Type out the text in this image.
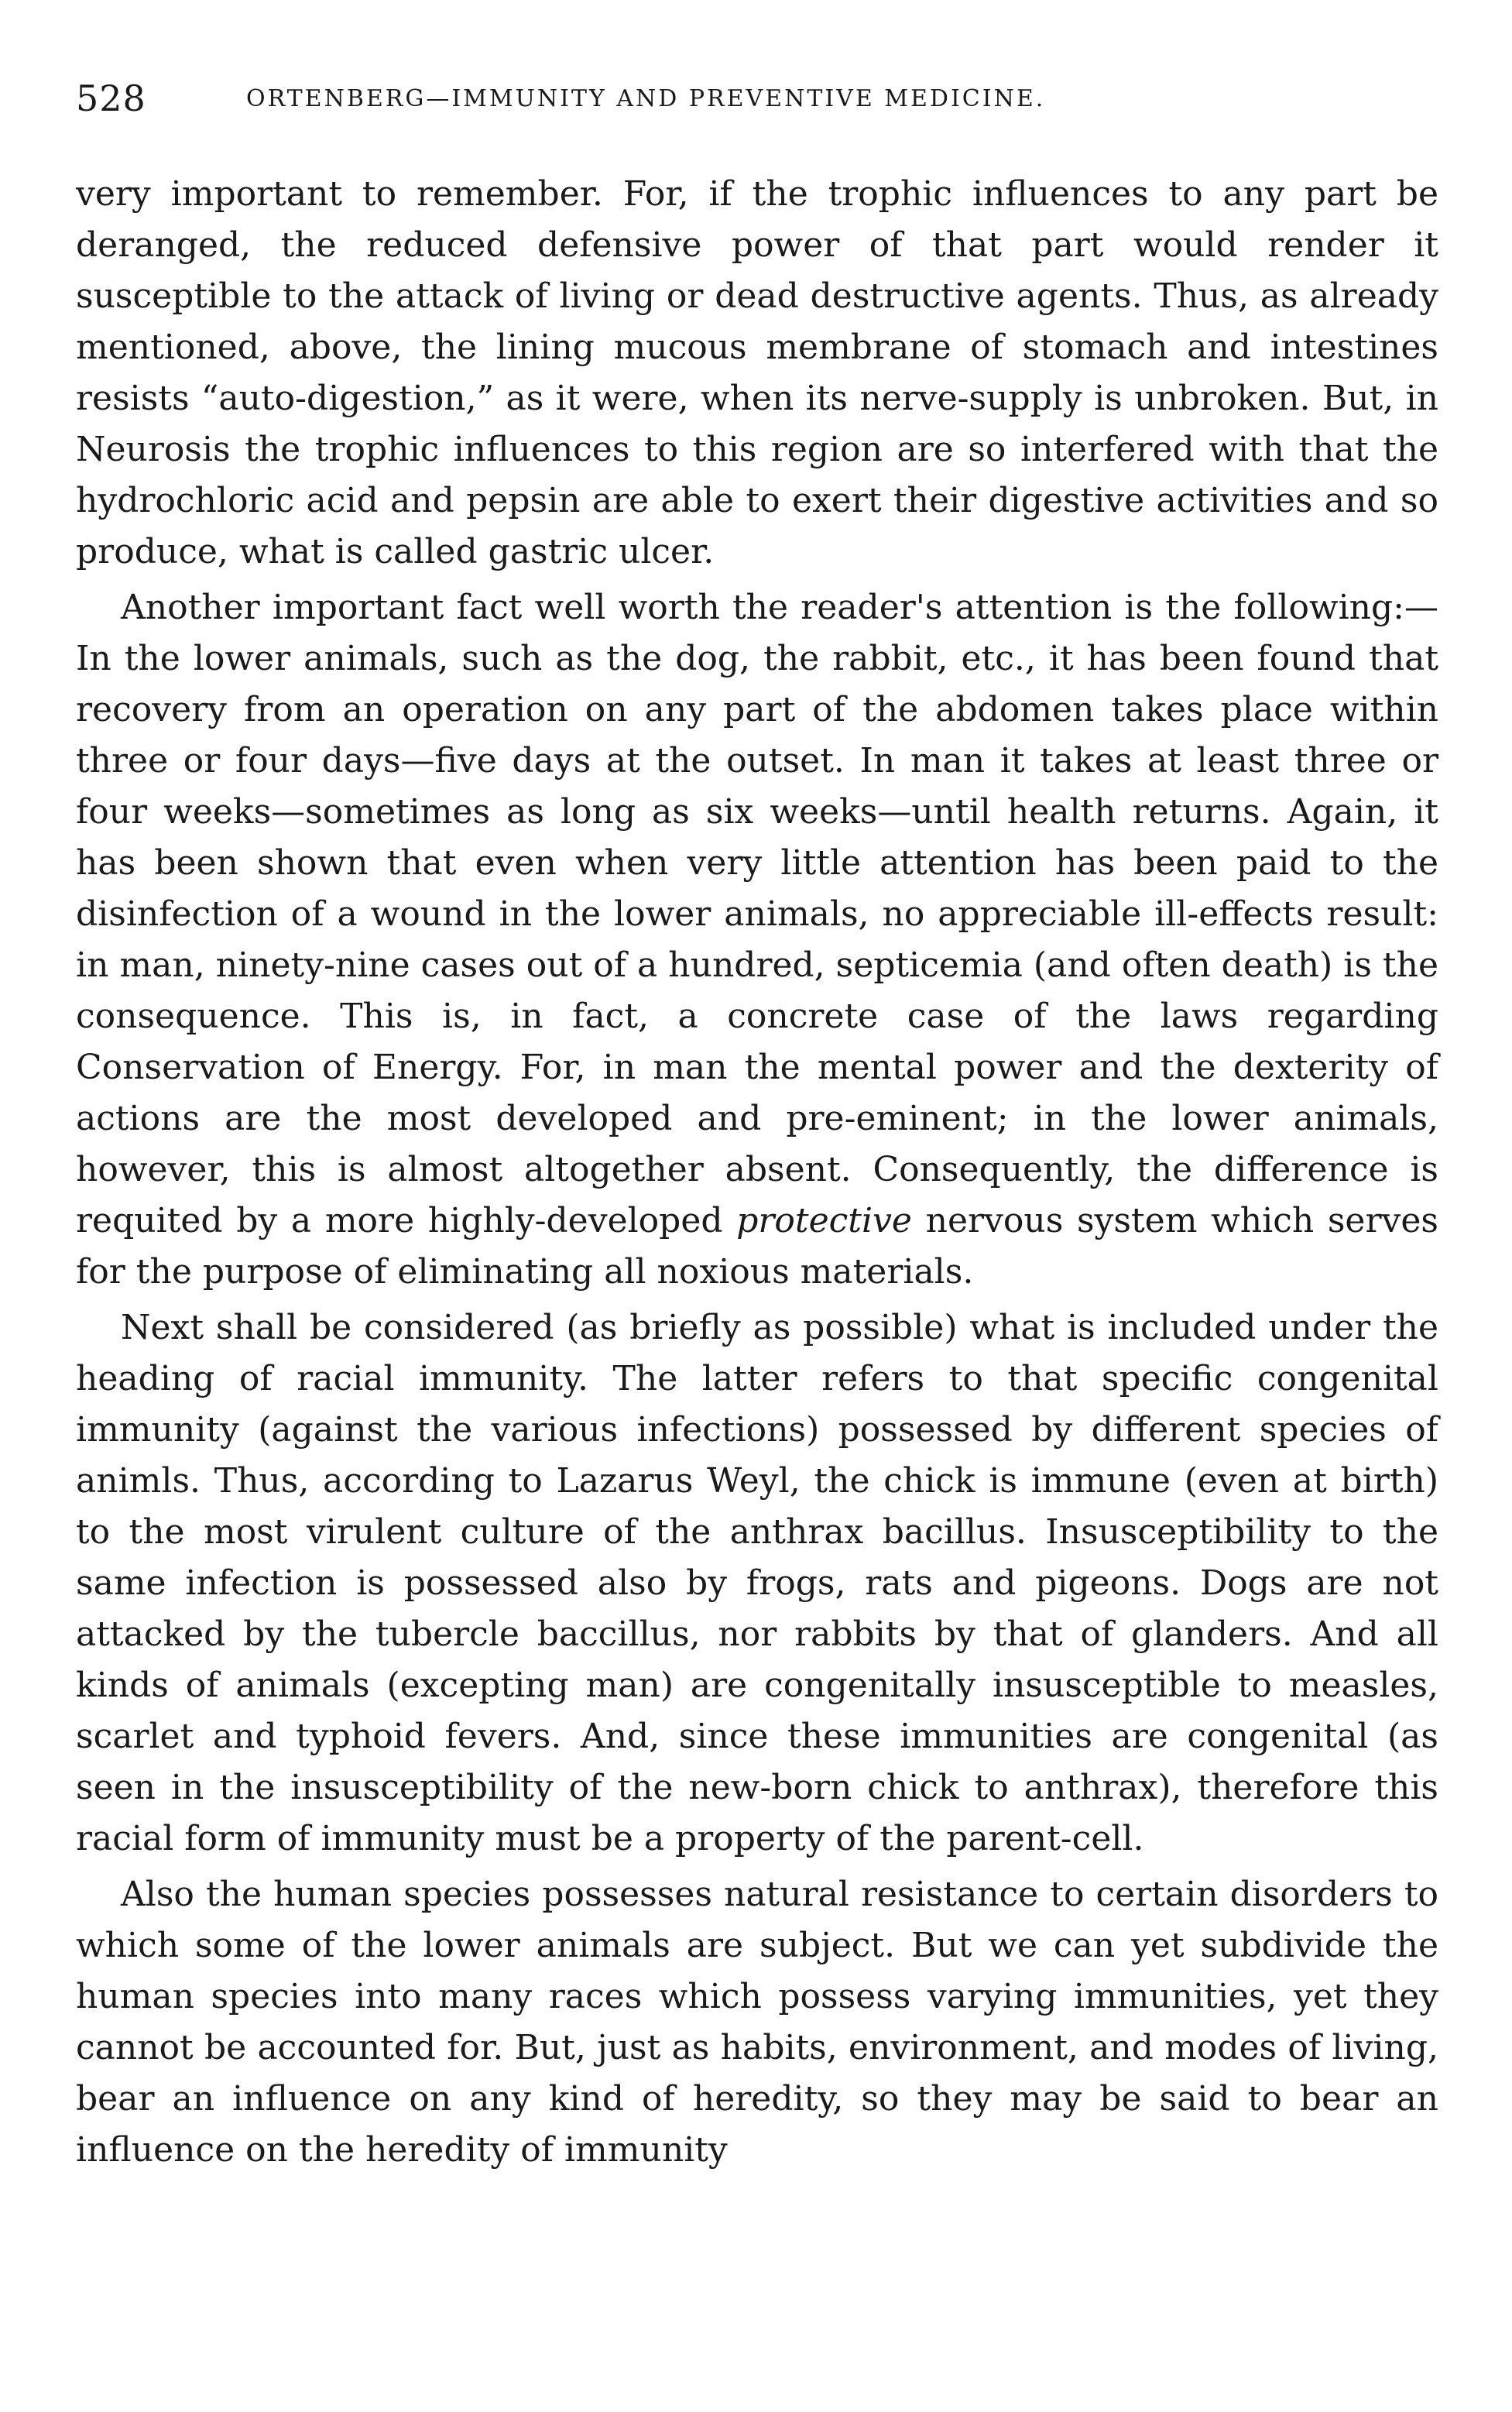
528	ORTENBERG—IMMUNITY AND PREVENTIVE MEDICINE.

very important to remember. For, if the trophic influences to any part be deranged, the reduced defensive power of that part would render it susceptible to the attack of living or dead destructive agents. Thus, as already mentioned, above, the lining mucous membrane of stomach and intestines resists “auto-digestion,” as it were, when its nerve-supply is unbroken. But, in Neurosis the trophic influences to this region are so interfered with that the hydrochloric acid and pepsin are able to exert their digestive activities and so produce, what is called gastric ulcer.

Another important fact well worth the reader's attention is the following:—In the lower animals, such as the dog, the rabbit, etc., it has been found that recovery from an operation on any part of the abdomen takes place within three or four days—five days at the outset. In man it takes at least three or four weeks—sometimes as long as six weeks—until health returns. Again, it has been shown that even when very little attention has been paid to the disinfection of a wound in the lower animals, no appreciable ill-effects result: in man, ninety-nine cases out of a hundred, septicemia (and often death) is the consequence. This is, in fact, a concrete case of the laws regarding Conservation of Energy. For, in man the mental power and the dexterity of actions are the most developed and pre-eminent; in the lower animals, however, this is almost altogether absent. Consequently, the difference is requited by a more highly-developed protective nervous system which serves for the purpose of eliminating all noxious materials.

Next shall be considered (as briefly as possible) what is included under the heading of racial immunity. The latter refers to that specific congenital immunity (against the various infections) possessed by different species of animls. Thus, according to Lazarus Weyl, the chick is immune (even at birth) to the most virulent culture of the anthrax bacillus. Insusceptibility to the same infection is possessed also by frogs, rats and pigeons. Dogs are not attacked by the tubercle baccillus, nor rabbits by that of glanders. And all kinds of animals (excepting man) are congenitally insusceptible to measles, scarlet and typhoid fevers. And, since these immunities are congenital (as seen in the insusceptibility of the new-born chick to anthrax), therefore this racial form of immunity must be a property of the parent-cell.

Also the human species possesses natural resistance to certain disorders to which some of the lower animals are subject. But we can yet subdivide the human species into many races which possess varying immunities, yet they cannot be accounted for. But, just as habits, environment, and modes of living, bear an influence on any kind of heredity, so they may be said to bear an influence on the heredity of immunity
